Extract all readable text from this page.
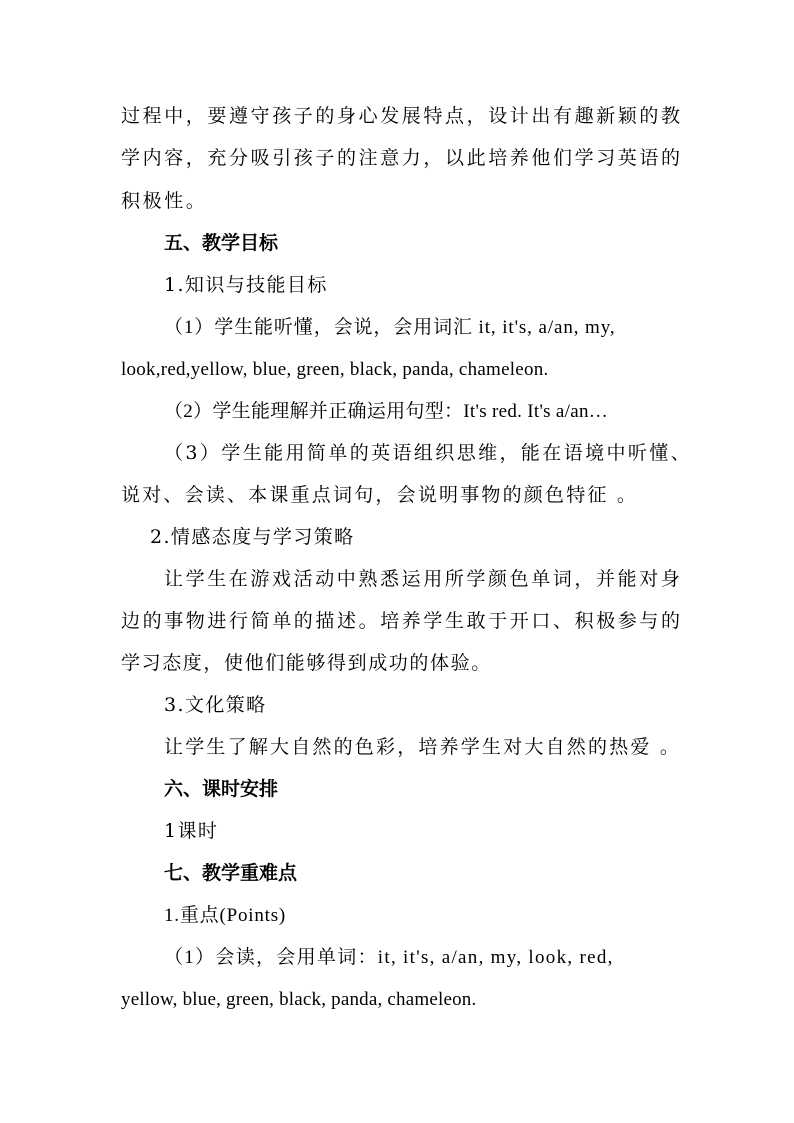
过程中，要遵守孩子的身心发展特点，设计出有趣新颖的教
学内容，充分吸引孩子的注意力，以此培养他们学习英语的
积极性。
五、教学目标
1.知识与技能目标
（1）学生能听懂，会说，会用词汇 it, it's, a/an, my,
look,red,yellow, blue, green, black, panda, chameleon.
（2）学生能理解并正确运用句型：It's red. It's a/an…
（3）学生能用简单的英语组织思维，能在语境中听懂、
说对、会读、本课重点词句，会说明事物的颜色特征 。
2.情感态度与学习策略
让学生在游戏活动中熟悉运用所学颜色单词，并能对身
边的事物进行简单的描述。培养学生敢于开口、积极参与的
学习态度，使他们能够得到成功的体验。
3.文化策略
让学生了解大自然的色彩，培养学生对大自然的热爱 。
六、课时安排
1课时
七、教学重难点
1.重点(Points)
（1）会读，会用单词：it, it's, a/an, my, look, red,
yellow, blue, green, black, panda, chameleon.
